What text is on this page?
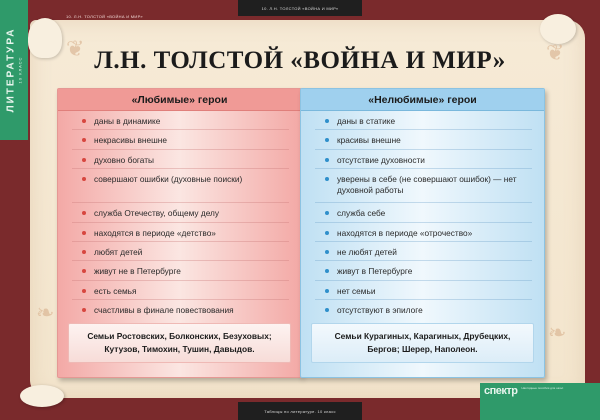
❦
❧
❦
❧
ЛИТЕРАТУРА 10 КЛАСС
10. Л.Н. ТОЛСТОЙ «ВОЙНА И МИР»
10. Л.Н. ТОЛСТОЙ «ВОЙНА И МИР»
Л.Н. ТОЛСТОЙ «ВОЙНА И МИР»
«Любимые» герои
даны в динамике
некрасивы внешне
духовно богаты
совершают ошибки (духовные поиски)
служба Отечеству, общему делу
находятся в периоде «детство»
любят детей
живут не в Петербурге
есть семья
счастливы в финале повествования
Семьи Ростовских, Болконских, Безуховых; Кутузов, Тимохин, Тушин, Давыдов.
«Нелюбимые» герои
даны в статике
красивы внешне
отсутствие духовности
уверены в себе (не совершают ошибок) — нет духовной работы
служба себе
находятся в периоде «отрочество»
не любят детей
живут в Петербурге
нет семьи
отсутствуют в эпилоге
Семьи Курагиных, Карагиных, Друбецких, Бергов; Шерер, Наполеон.
Таблицы по литературе. 10 класс
спектр Наглядные пособия для школ
